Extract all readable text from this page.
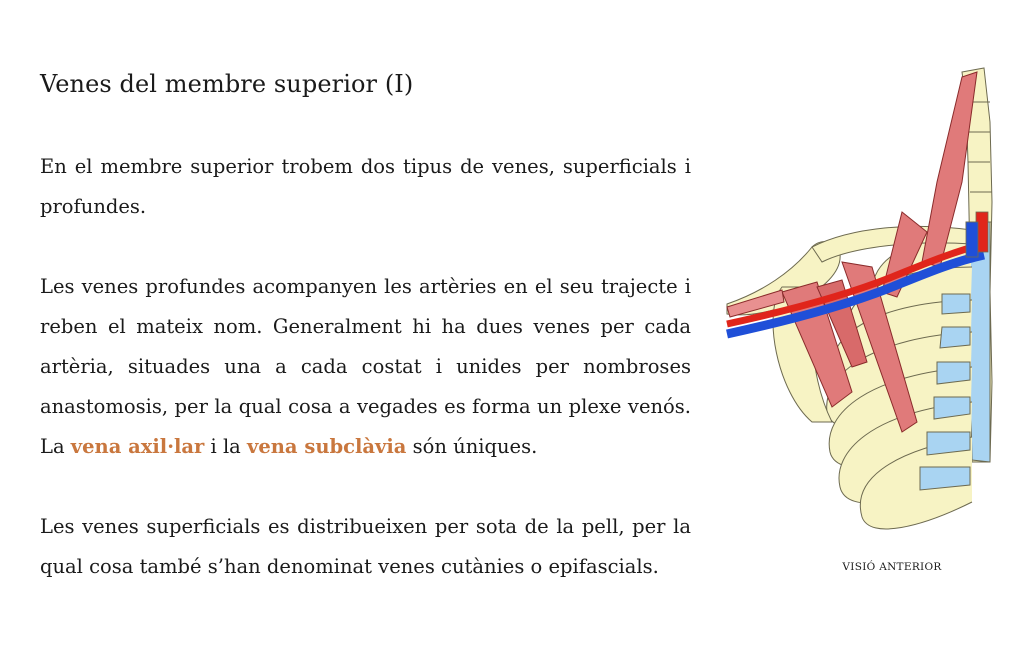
Venes del membre superior (I)

En el membre superior trobem dos tipus de venes, superficials i profundes.

Les venes profundes acompanyen les artèries en el seu trajecte i reben el mateix nom. Generalment hi ha dues venes per cada artèria, situades una a cada costat i unides per nombroses anastomosis, per la qual cosa a vegades es forma un plexe venós. La vena axil·lar i la vena subclàvia són úniques.

Les venes superficials es distribueixen per sota de la pell, per la qual cosa també s’han denominat venes cutànies o epifascials.	VISIÓ ANTERIOR
